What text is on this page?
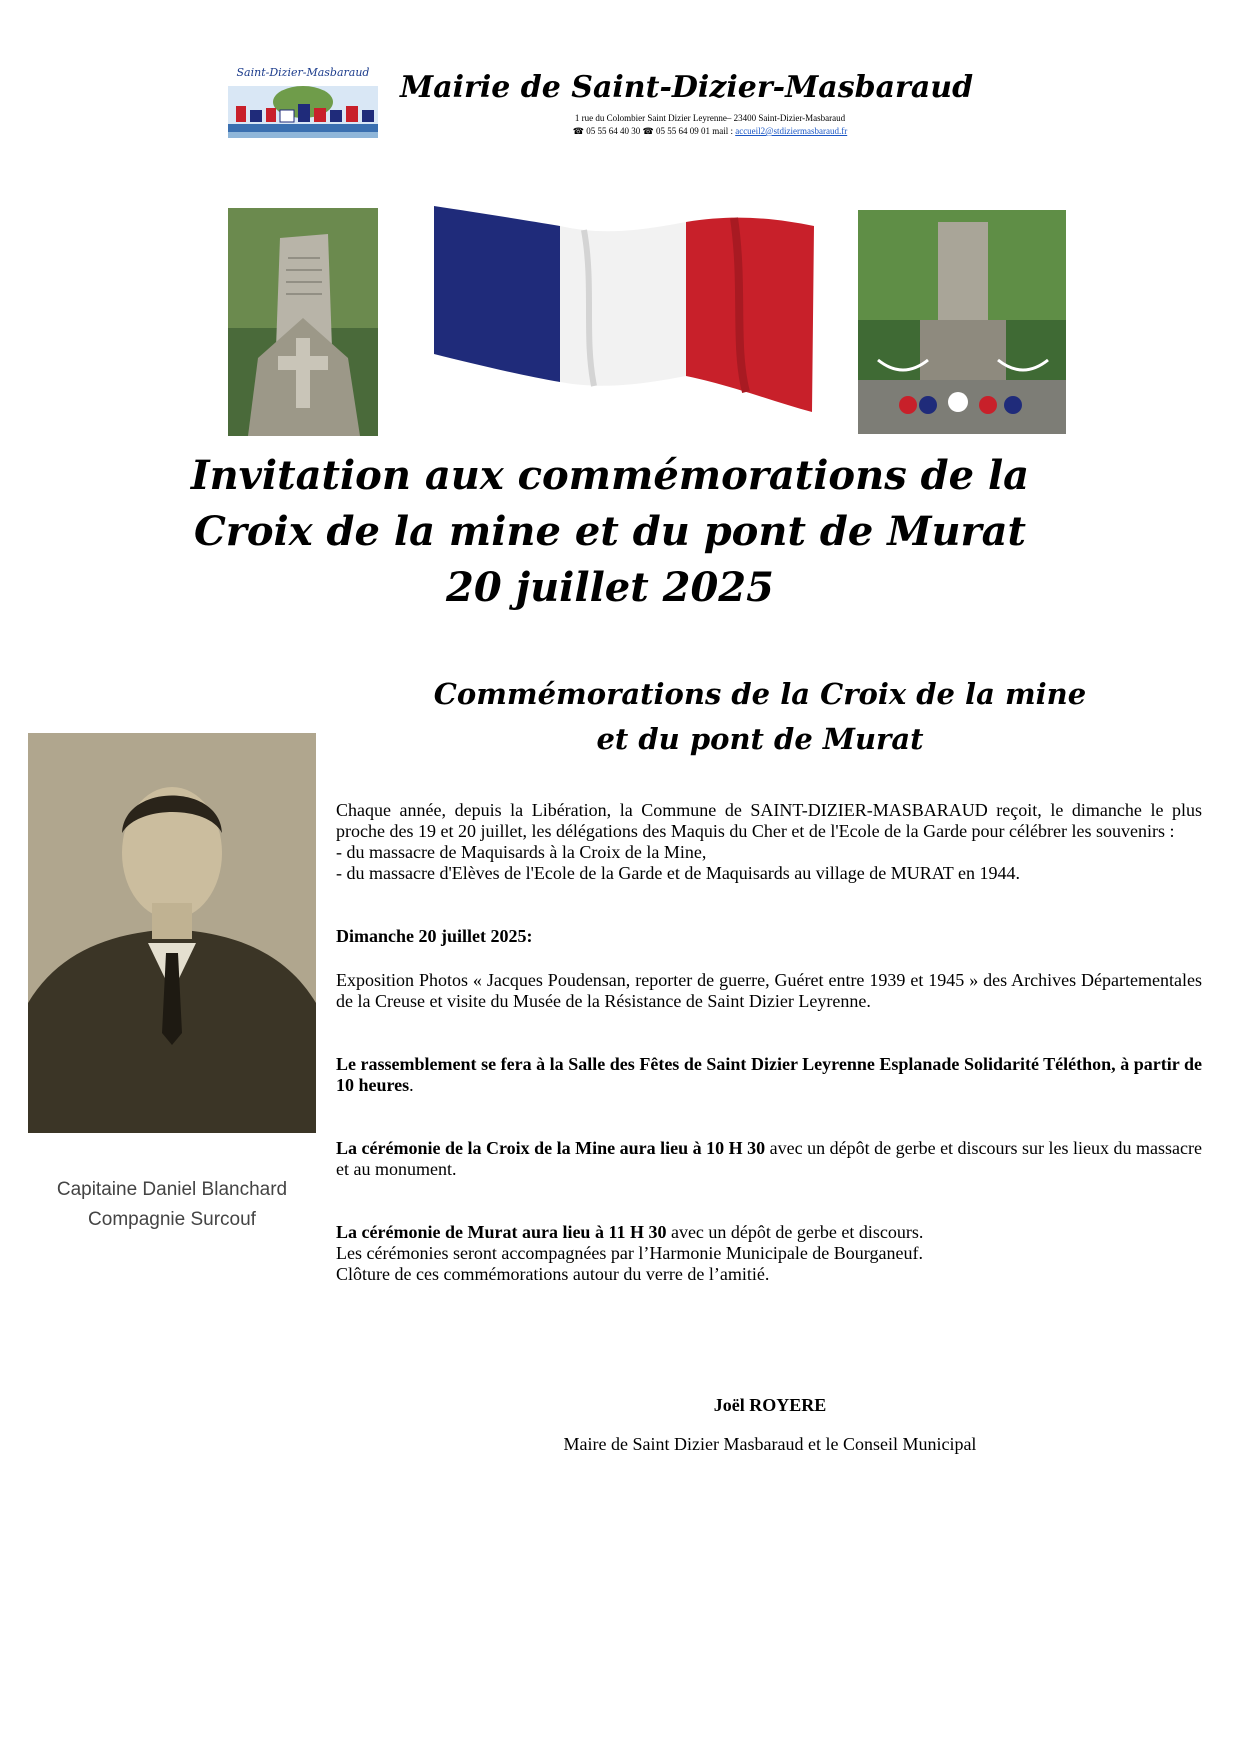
Saint-Dizier-Masbaraud Mairie de Saint-Dizier-Masbaraud
1 rue du Colombier Saint Dizier Leyrenne– 23400 Saint-Dizier-Masbaraud
☎ 05 55 64 40 30 ☎ 05 55 64 09 01 mail : accueil2@stdiziermasbaraud.fr
Invitation aux commémorations de la
Croix de la mine et du pont de Murat
20 juillet 2025
Commémorations de la Croix de la mine
et du pont de Murat
Capitaine Daniel Blanchard
Compagnie Surcouf

Chaque année, depuis la Libération, la Commune de SAINT-DIZIER-MASBARAUD reçoit, le dimanche le plus proche des 19 et 20 juillet, les délégations des Maquis du Cher et de l'Ecole de la Garde pour célébrer les souvenirs :

- du massacre de Maquisards à la Croix de la Mine,

- du massacre d'Elèves de l'Ecole de la Garde et de Maquisards au village de MURAT en 1944.

Dimanche 20 juillet 2025:

Exposition Photos « Jacques Poudensan, reporter de guerre, Guéret entre 1939 et 1945 » des Archives Départementales de la Creuse et visite du Musée de la Résistance de Saint Dizier Leyrenne.

Le rassemblement se fera à la Salle des Fêtes de Saint Dizier Leyrenne Esplanade Solidarité Téléthon, à partir de 10 heures.

La cérémonie de la Croix de la Mine aura lieu à 10 H 30 avec un dépôt de gerbe et discours sur les lieux du massacre et au monument.

La cérémonie de Murat aura lieu à 11 H 30 avec un dépôt de gerbe et discours.

Les cérémonies seront accompagnées par l’Harmonie Municipale de Bourganeuf.

Clôture de ces commémorations autour du verre de l’amitié.

Joël ROYERE
Maire de Saint Dizier Masbaraud et le Conseil Municipal
